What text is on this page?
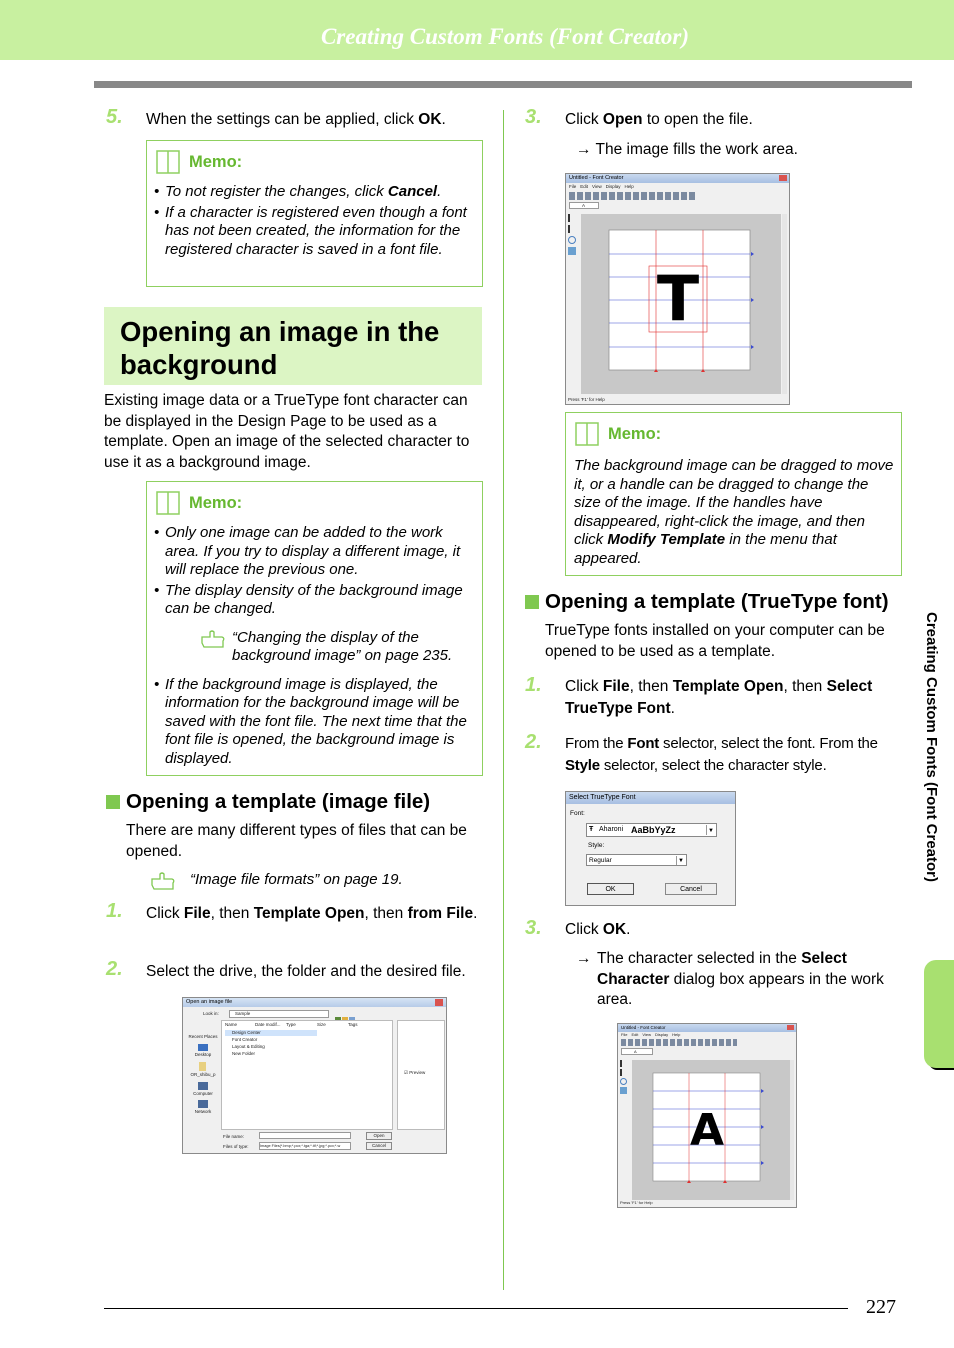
Creating Custom Fonts (Font Creator)
5. When the settings can be applied, click OK.
Memo:
• To not register the changes, click Cancel.
• If a character is registered even though a font has not been created, the information for the registered character is saved in a font file.
Opening an image in the background
Existing image data or a TrueType font character can be displayed in the Design Page to be used as a template. Open an image of the selected character to use it as a background image.
Memo:
• Only one image can be added to the work area. If you try to display a different image, it will replace the previous one.
• The display density of the background image can be changed.
“Changing the display of the background image” on page 235.
• If the background image is displayed, the information for the background image will be saved with the font file. The next time that the font file is opened, the background image is displayed.
Opening a template (image file)
There are many different types of files that can be opened.
“Image file formats” on page 19.
1. Click File, then Template Open, then from File.
2. Select the drive, the folder and the desired file.
Open an image file
Look in:	Sample
Recent Places
Desktop
OR_shibu_p
Computer
Network
Name	Date modif... Type	Size	Tags
Design Center
Font Creator
Layout & Editing
New Folder
☑ Preview
File name:
Files of type:	Image Files(*.bmp;*.pcx;*.tga;*.tif;*.jpg;*.pcx;*.w
Open
Cancel
3. Click Open to open the file.
→ The image fills the work area.
Untitled - Font Creator
File Edit View Display Help
A
T
Press 'F1' for Help
Memo:
The background image can be dragged to move it, or a handle can be dragged to change the size of the image. If the handles have disappeared, right-click the image, and then click Modify Template in the menu that appeared.
Opening a template (TrueType font)
TrueType fonts installed on your computer can be opened to be used as a template.
1. Click File, then Template Open, then Select TrueType Font.
2. From the Font selector, select the font. From the Style selector, select the character style.
Select TrueType Font
Font:
Ŧ Aharoni AaBbYyZz	▼
Style:
Regular	▼
OK	Cancel
3. Click OK.
→ The character selected in the Select Character dialog box appears in the work area.
Untitled - Font Creator
File Edit View Display Help
A
A
Press 'F1' for Help
Creating Custom Fonts (Font Creator)
227
